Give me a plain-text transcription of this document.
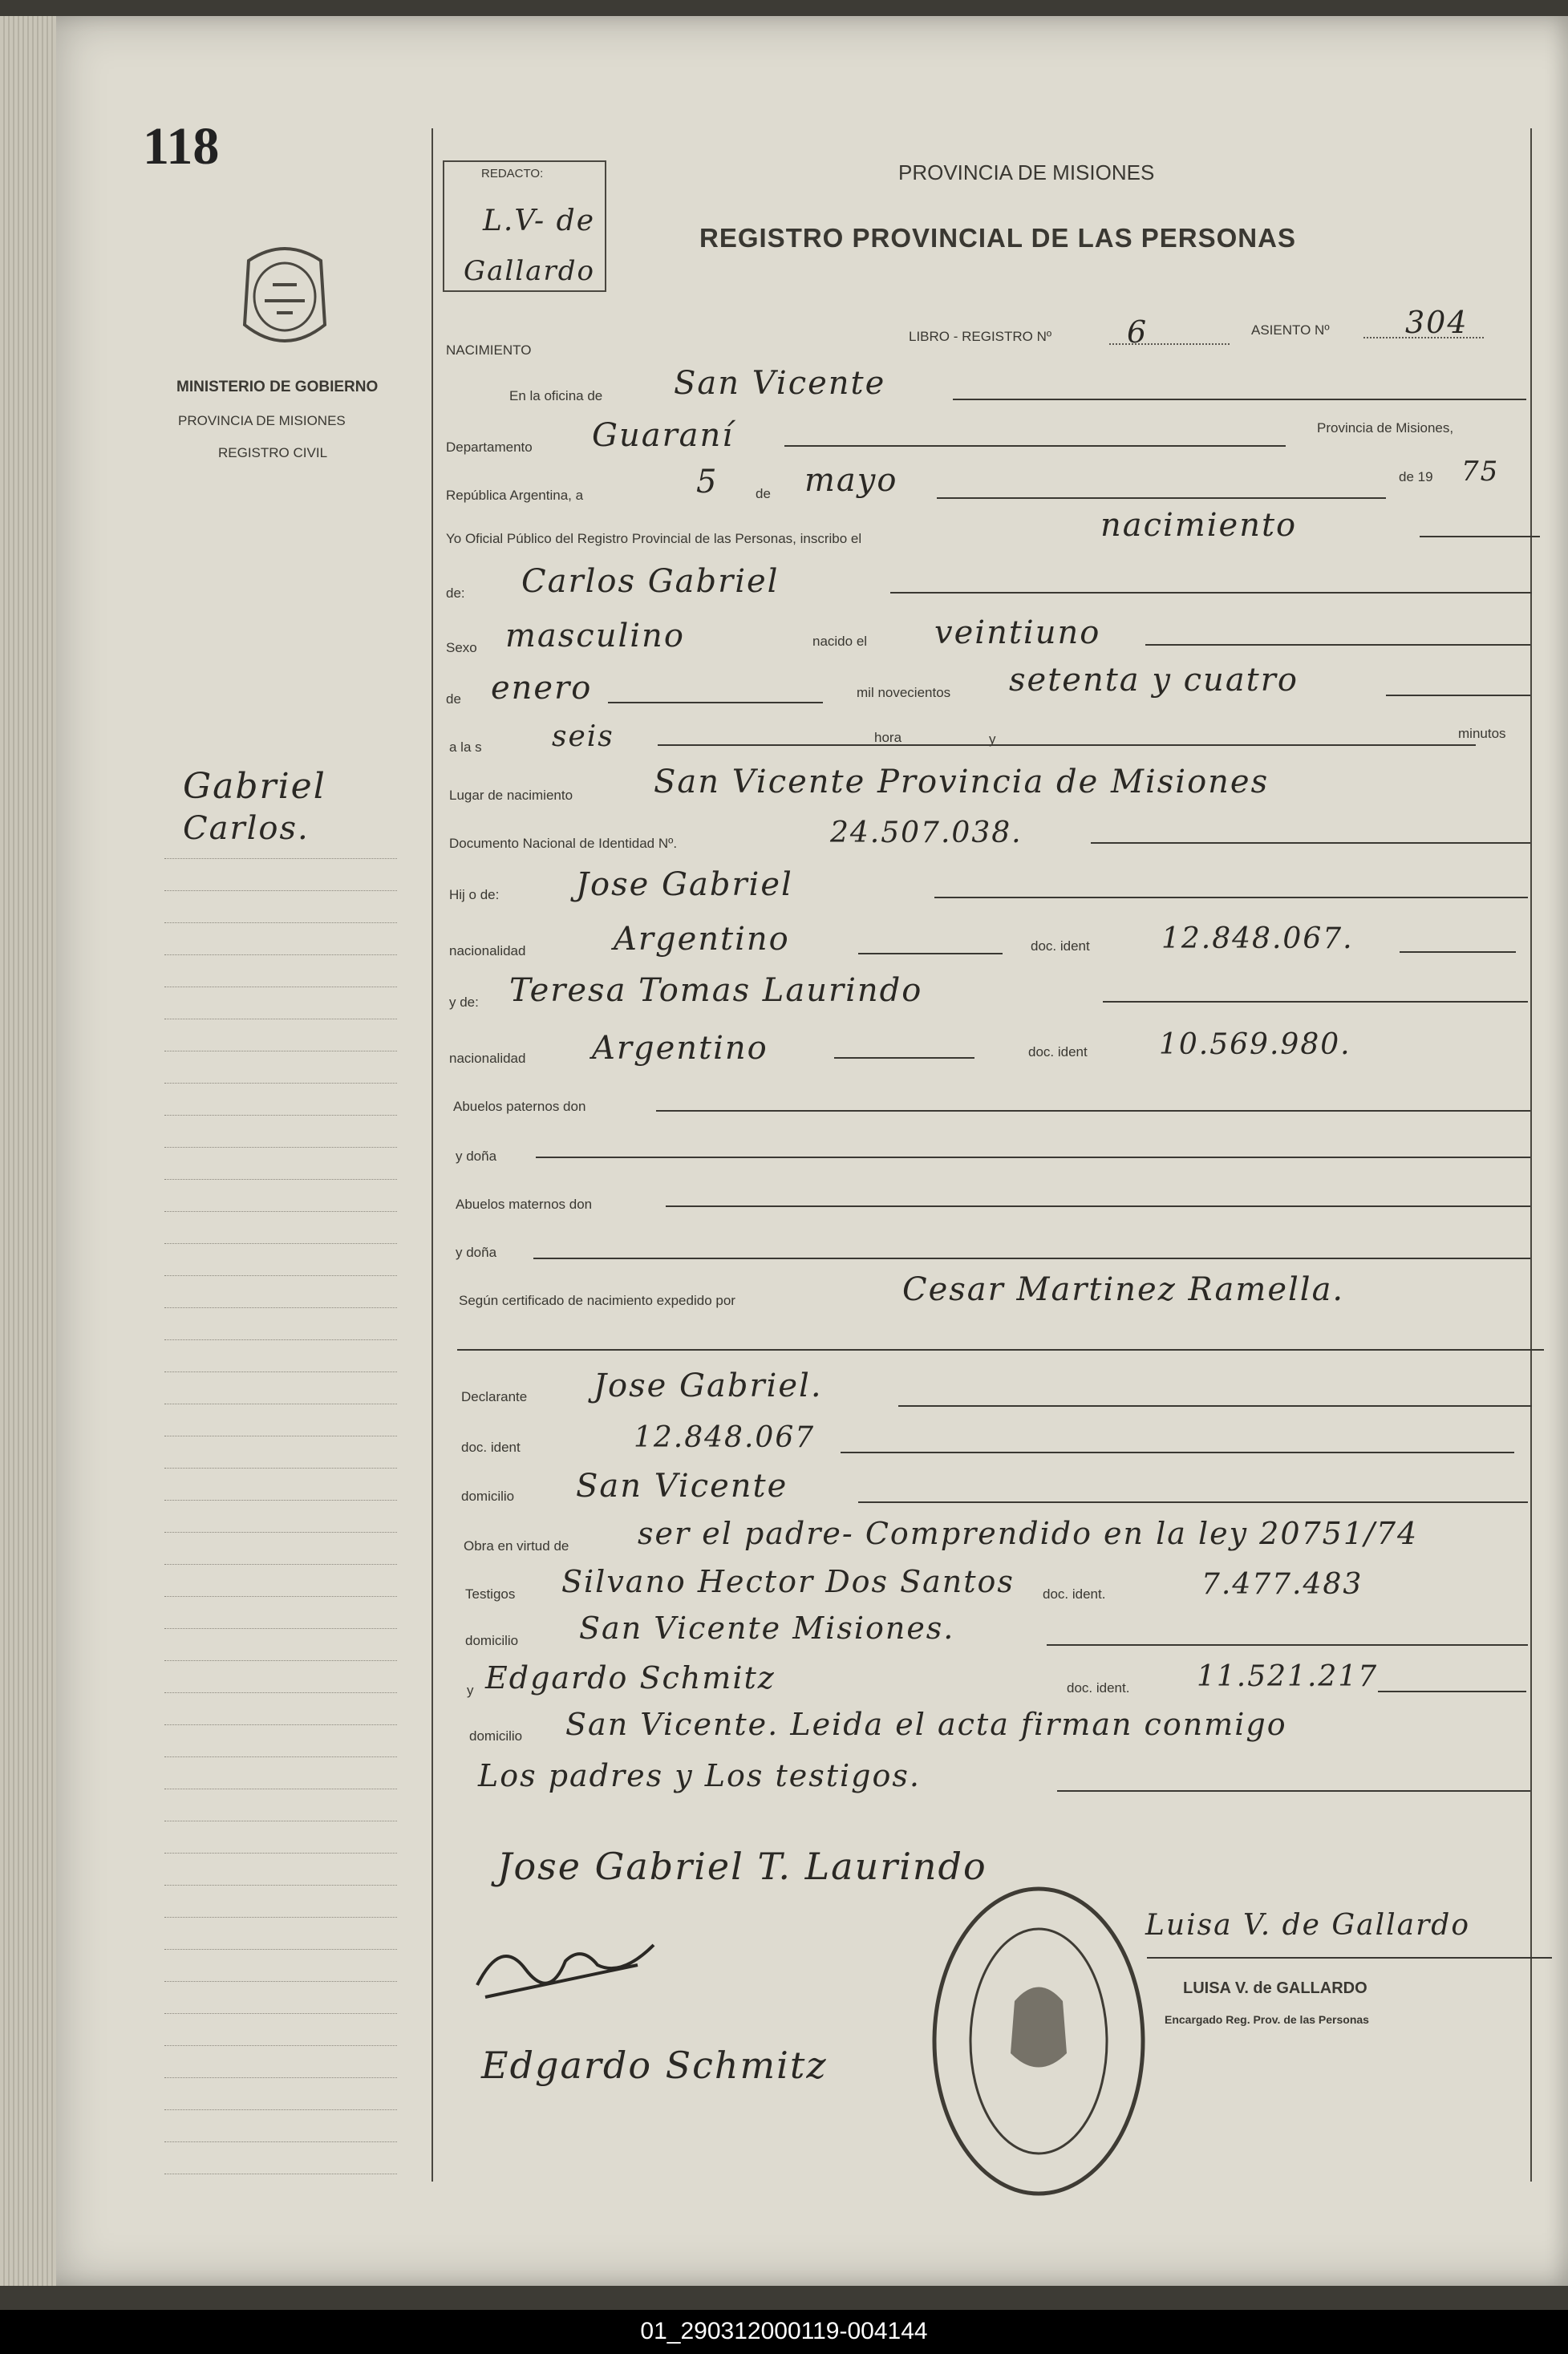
118
MINISTERIO DE GOBIERNO
PROVINCIA DE MISIONES
REGISTRO CIVIL
Gabriel
Carlos.
REDACTO:
L.V- de
Gallardo
PROVINCIA DE MISIONES
REGISTRO PROVINCIAL DE LAS PERSONAS
NACIMIENTO
LIBRO - REGISTRO Nº 6	ASIENTO Nº 304
En la oficina de San Vicente
Departamento Guaraní	Provincia de Misiones,
República Argentina, a	5	de mayo	de 19 75
Yo Oficial Público del Registro Provincial de las Personas, inscribo el	nacimiento
de: Carlos Gabriel
Sexo masculino	nacido el veintiuno
de enero	mil novecientos setenta y cuatro
a la s seis	hora	y	minutos
Lugar de nacimiento	San Vicente Provincia de Misiones
Documento Nacional de Identidad Nº.	24.507.038.
Hij o de: Jose Gabriel
nacionalidad	Argentino	doc. ident 12.848.067.
y de: Teresa Tomas Laurindo
nacionalidad Argentino	doc. ident 10.569.980.
Abuelos paternos don
y doña
Abuelos maternos don
y doña
Según certificado de nacimiento expedido por	Cesar Martinez Ramella.
Declarante Jose Gabriel.
doc. ident	12.848.067
domicilio San Vicente
Obra en virtud de ser el padre- Comprendido en la ley 20751/74
Testigos Silvano Hector Dos Santos doc. ident.	7.477.483
domicilio San Vicente Misiones.
y Edgardo Schmitz	doc. ident. 11.521.217
domicilio San Vicente. Leida el acta firman conmigo
Los padres y Los testigos.
Jose Gabriel T. Laurindo
Luisa V. de Gallardo
LUISA V. de GALLARDO
Encargado Reg. Prov. de las Personas
Edgardo Schmitz
01_290312000119-004144
